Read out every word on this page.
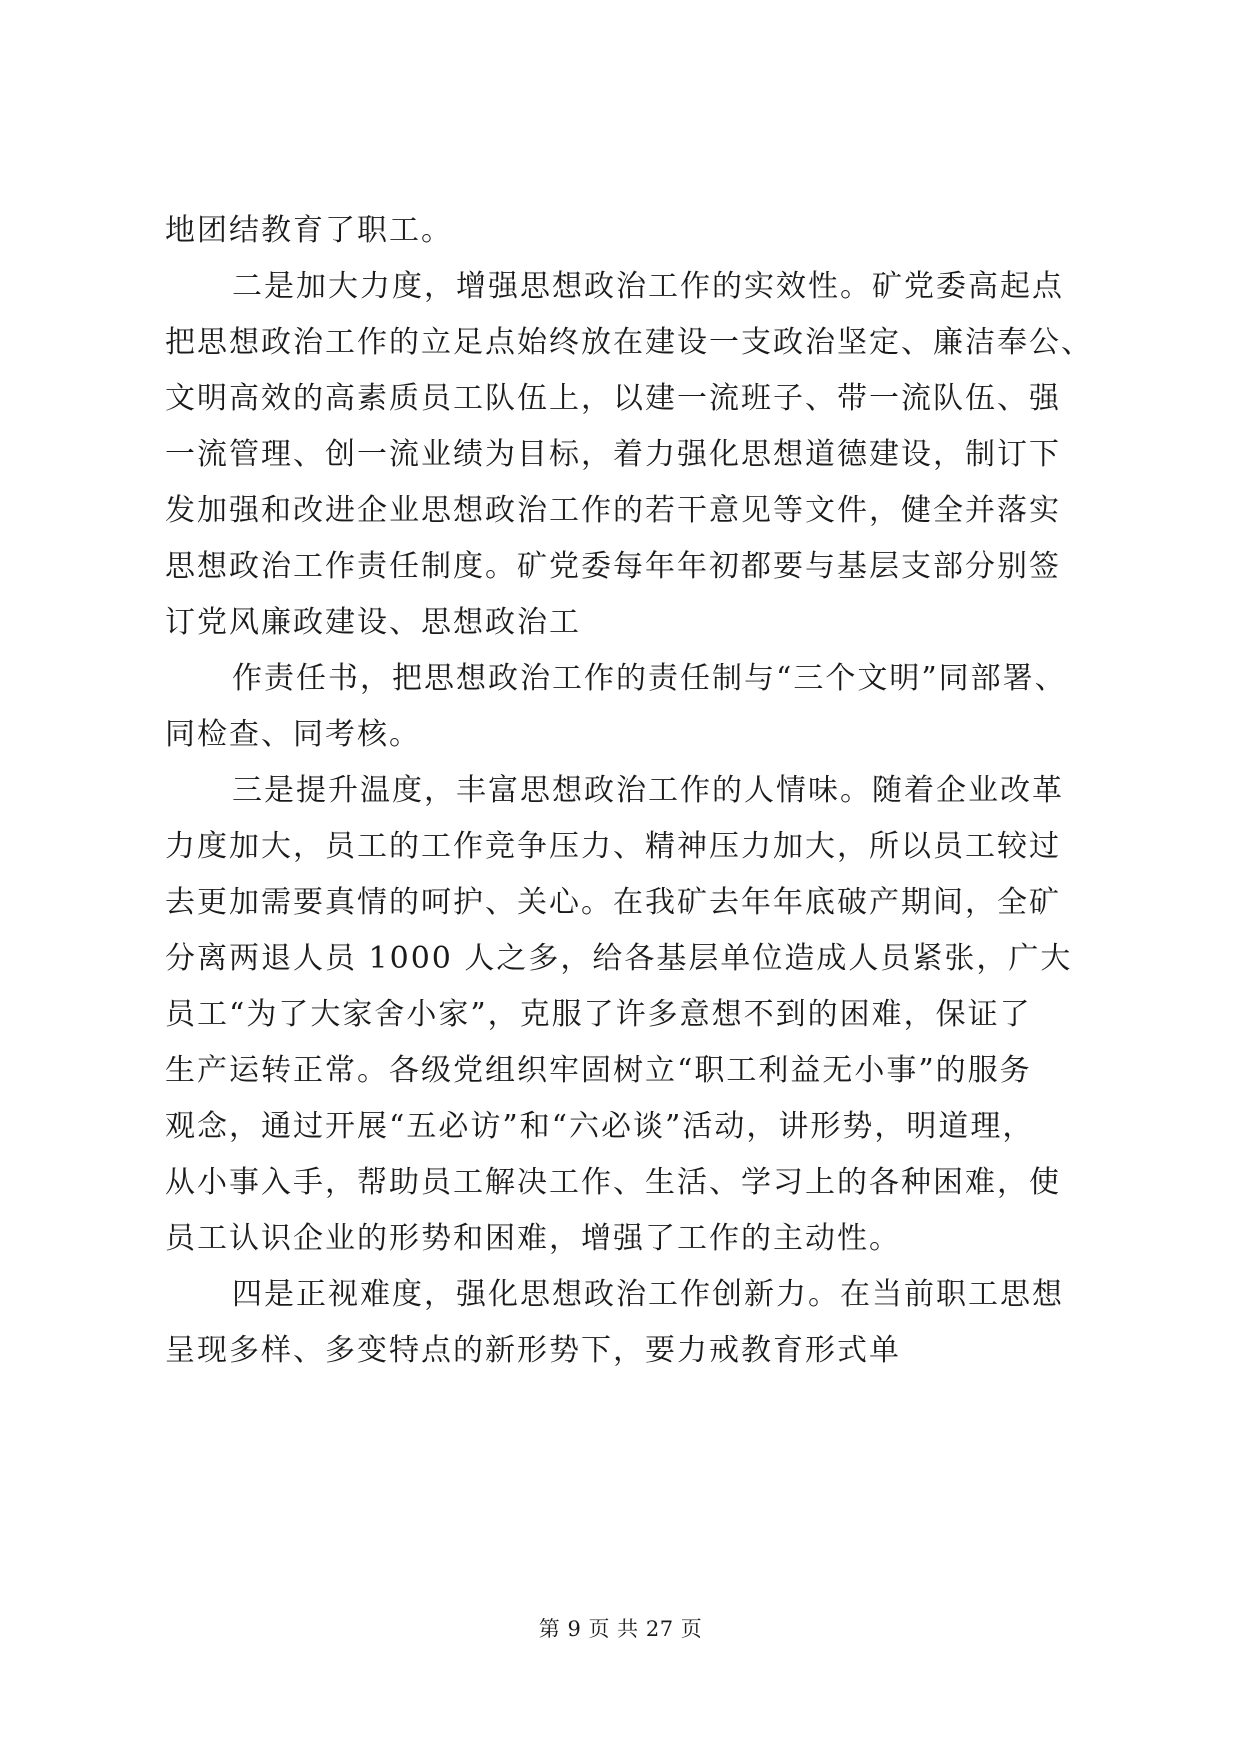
地团结教育了职工。
二是加大力度，增强思想政治工作的实效性。矿党委高起点
把思想政治工作的立足点始终放在建设一支政治坚定、廉洁奉公、
文明高效的高素质员工队伍上，以建一流班子、带一流队伍、强
一流管理、创一流业绩为目标，着力强化思想道德建设，制订下
发加强和改进企业思想政治工作的若干意见等文件，健全并落实
思想政治工作责任制度。矿党委每年年初都要与基层支部分别签
订党风廉政建设、思想政治工
作责任书，把思想政治工作的责任制与“三个文明”同部署、
同检查、同考核。
三是提升温度，丰富思想政治工作的人情味。随着企业改革
力度加大，员工的工作竞争压力、精神压力加大，所以员工较过
去更加需要真情的呵护、关心。在我矿去年年底破产期间，全矿
分离两退人员 1000 人之多，给各基层单位造成人员紧张，广大
员工“为了大家舍小家”，克服了许多意想不到的困难，保证了
生产运转正常。各级党组织牢固树立“职工利益无小事”的服务
观念，通过开展“五必访”和“六必谈”活动，讲形势，明道理，
从小事入手，帮助员工解决工作、生活、学习上的各种困难，使
员工认识企业的形势和困难，增强了工作的主动性。
四是正视难度，强化思想政治工作创新力。在当前职工思想
呈现多样、多变特点的新形势下，要力戒教育形式单
第 9 页 共 27 页
